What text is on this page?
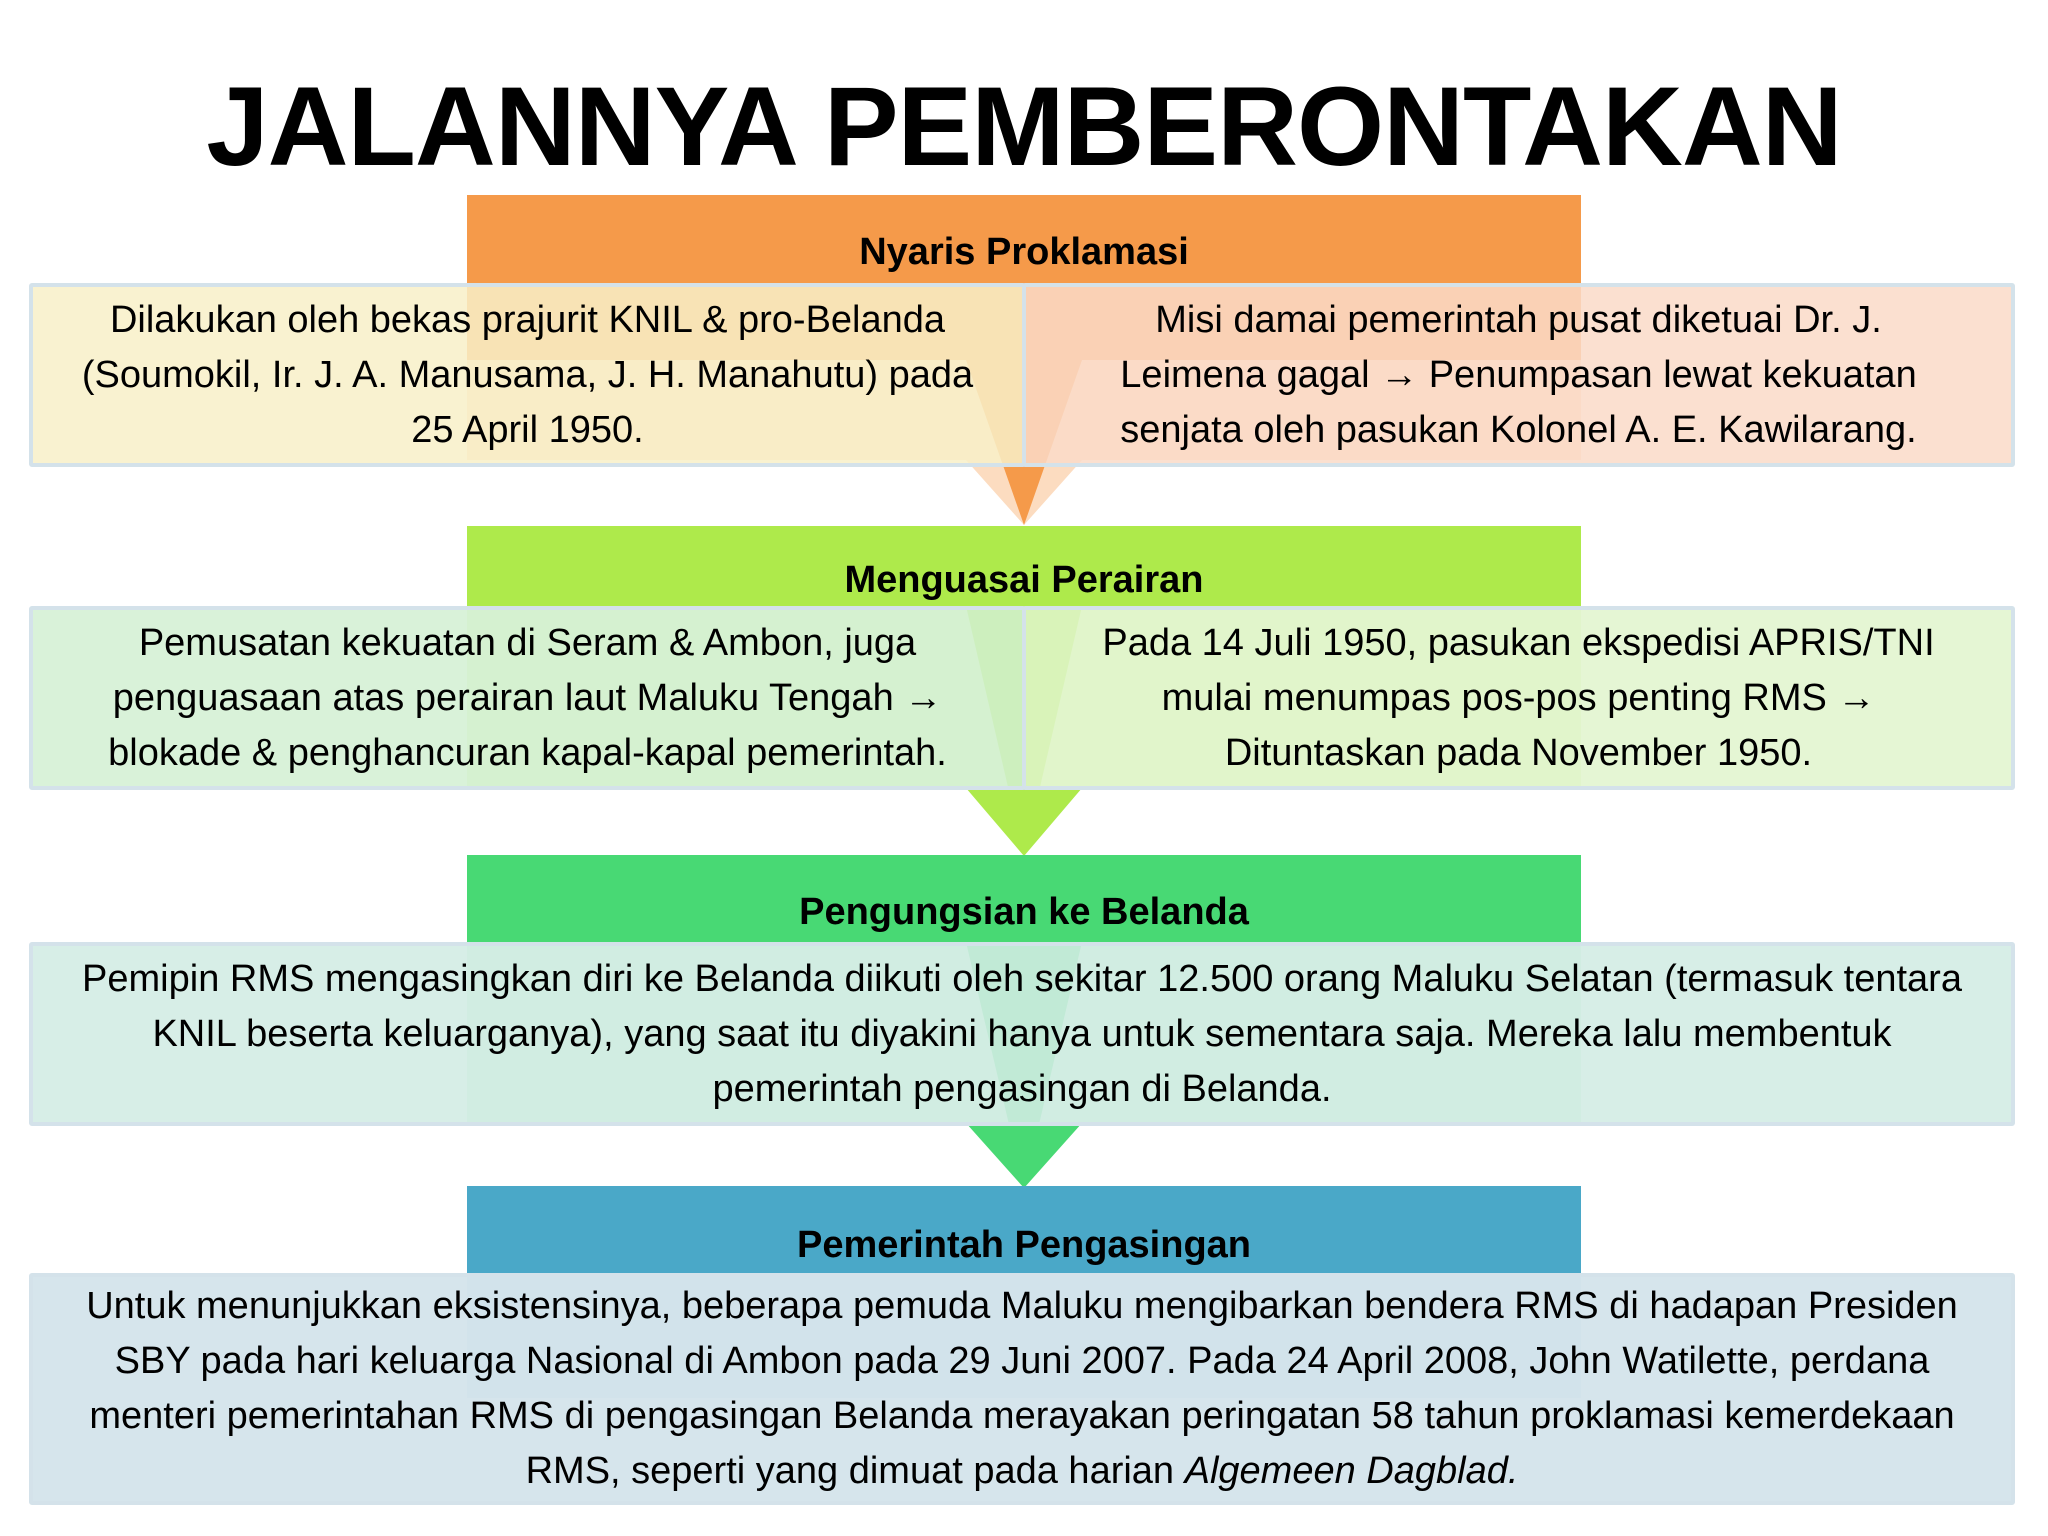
JALANNYA PEMBERONTAKAN
Nyaris Proklamasi
Dilakukan oleh bekas prajurit KNIL & pro-Belanda (Soumokil, Ir. J. A. Manusama, J. H. Manahutu) pada 25 April 1950.
Misi damai pemerintah pusat diketuai Dr. J. Leimena gagal → Penumpasan lewat kekuatan senjata oleh pasukan Kolonel A. E. Kawilarang.
Menguasai Perairan
Pemusatan kekuatan di Seram & Ambon, juga penguasaan atas perairan laut Maluku Tengah → blokade & penghancuran kapal-kapal pemerintah.
Pada 14 Juli 1950, pasukan ekspedisi APRIS/TNI mulai menumpas pos-pos penting RMS → Dituntaskan pada November 1950.
Pengungsian ke Belanda
Pemipin RMS mengasingkan diri ke Belanda diikuti oleh sekitar 12.500 orang Maluku Selatan (termasuk tentara KNIL beserta keluarganya), yang saat itu diyakini hanya untuk sementara saja. Mereka lalu membentuk pemerintah pengasingan di Belanda.
Pemerintah Pengasingan
Untuk menunjukkan eksistensinya, beberapa pemuda Maluku mengibarkan bendera RMS di hadapan Presiden SBY pada hari keluarga Nasional di Ambon pada 29 Juni 2007. Pada 24 April 2008, John Watilette, perdana menteri pemerintahan RMS di pengasingan Belanda merayakan peringatan 58 tahun proklamasi kemerdekaan RMS, seperti yang dimuat pada harian Algemeen Dagblad.
